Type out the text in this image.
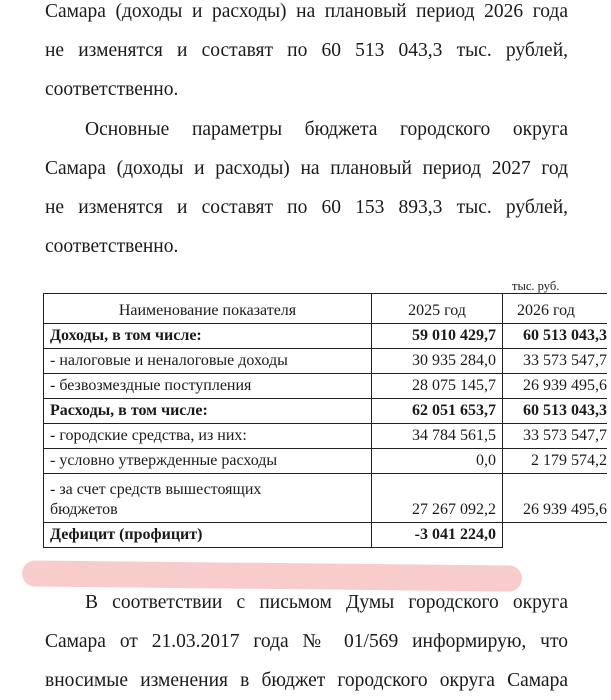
Самара (доходы и расходы) на плановый период 2026 года
не изменятся и составят по 60 513 043,3 тыс. рублей,
соответственно.
Основные параметры бюджета городского округа
Самара (доходы и расходы) на плановый период 2027 год
не изменятся и составят по 60 153 893,3 тыс. рублей,
соответственно.
тыс. руб.
Наименование показателя	2025 год	2026 год
Доходы, в том числе:	59 010 429,7	60 513 043,3
- налоговые и неналоговые доходы	30 935 284,0	33 573 547,7
- безвозмездные поступления	28 075 145,7	26 939 495,6
Расходы, в том числе:	62 051 653,7	60 513 043,3
- городские средства, из них:	34 784 561,5	33 573 547,7
- условно утвержденные расходы	0,0	2 179 574,2

- за счет средств вышестоящих
бюджетов	27 267 092,2	26 939 495,6
Дефицит (профицит)	-3 041 224,0	
В соответствии с письмом Думы городского округа
Самара от 21.03.2017 года № 01/569 информирую, что
вносимые изменения в бюджет городского округа Самара
